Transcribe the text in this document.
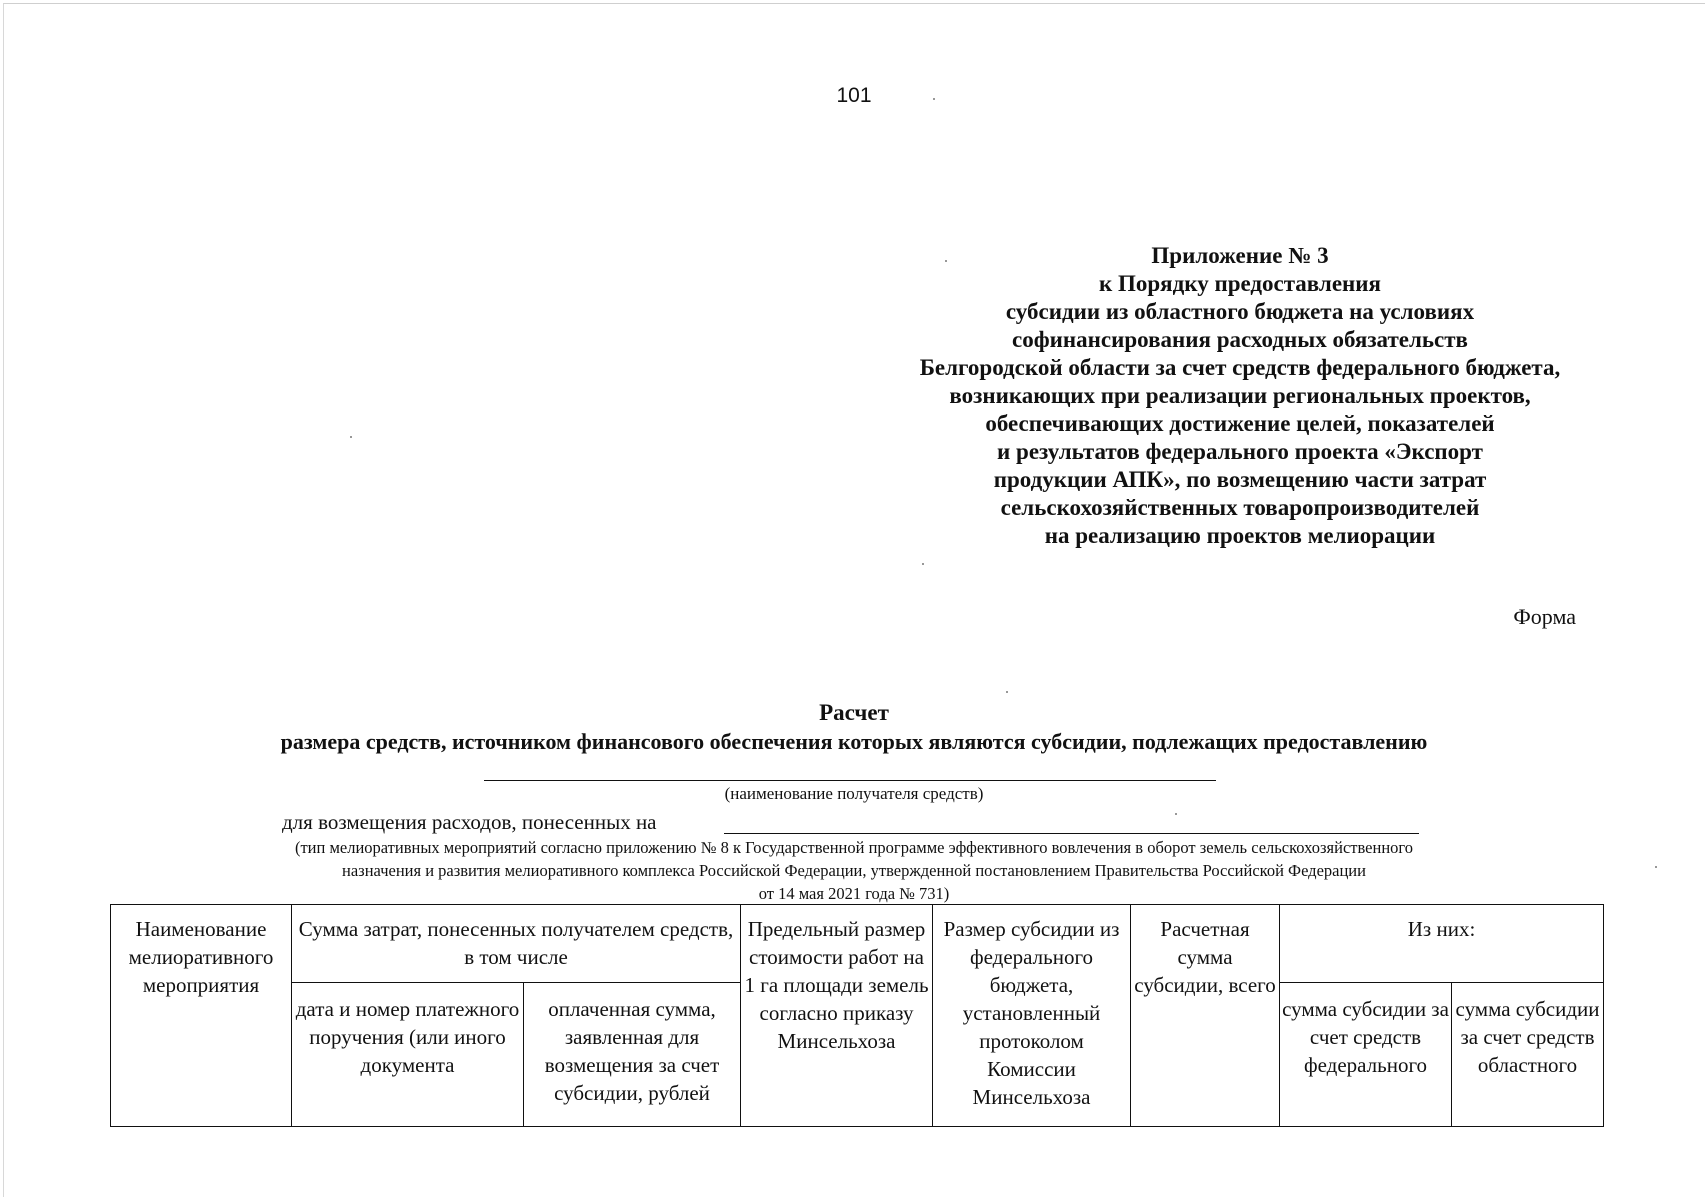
101
Приложение № 3
к Порядку предоставления
субсидии из областного бюджета на условиях
софинансирования расходных обязательств
Белгородской области за счет средств федерального бюджета,
возникающих при реализации региональных проектов,
обеспечивающих достижение целей, показателей
и результатов федерального проекта «Экспорт
продукции АПК», по возмещению части затрат
сельскохозяйственных товаропроизводителей
на реализацию проектов мелиорации
Форма
Расчет
размера средств, источником финансового обеспечения которых являются субсидии, подлежащих предоставлению
(наименование получателя средств)
для возмещения расходов, понесенных на
(тип мелиоративных мероприятий согласно приложению № 8 к Государственной программе эффективного вовлечения в оборот земель сельскохозяйственного
назначения и развития мелиоративного комплекса Российской Федерации, утвержденной постановлением Правительства Российской Федерации
от 14 мая 2021 года № 731)
Наименование мелиоративного мероприятия	Сумма затрат, понесенных получателем средств, в том числе		Предельный размер стоимости работ на 1 га площади земель согласно приказу Минсельхоза	Размер субсидии из федерального бюджета, установленный протоколом Комиссии Минсельхоза	Расчетная сумма субсидии, всего	Из них:	

	дата и номер платежного поручения (или иного документа	оплаченная сумма, заявленная для возмещения за счет субсидии, рублей				сумма субсидии за счет средств федерального	сумма субсидии за счет средств областного
